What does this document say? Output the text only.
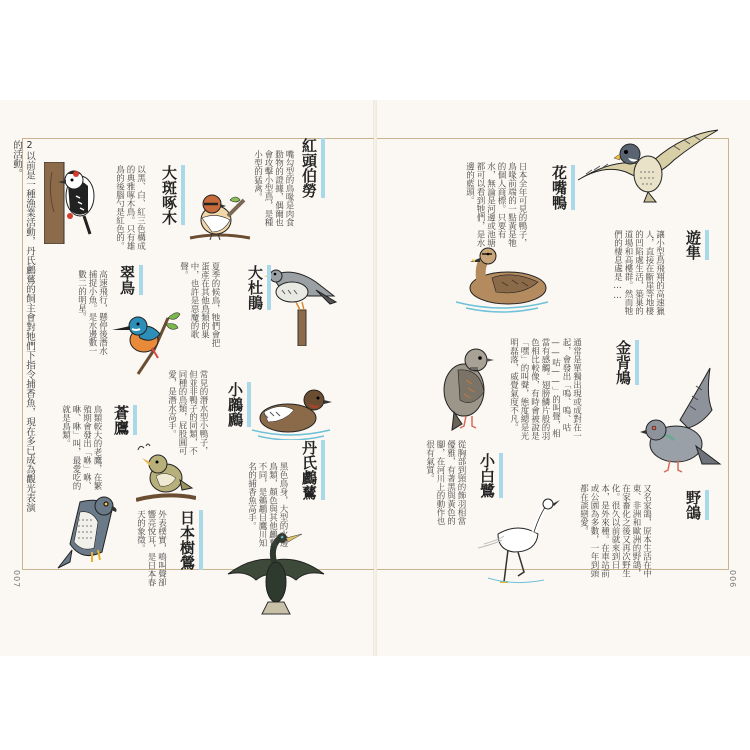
2以前是一種漁業活動，丹氏鸕鶿的飼主會對牠們下指令捕香魚，現在多已成為觀光表演的活動。
007	006
大斑啄木
以黑、白、紅三色構成的典雅啄木鳥。只有雄鳥的後腦勺是紅色的。	紅頭伯勞
嘴勾型的鳥喙是肉食動物的證據，偶爾也會攻擊小型鳥，是種小型的猛禽。
大杜鵑
夏季的候鳥，牠們會把蛋產在其他鳥類的巢中，也許是惡魔的歌聲。
翠鳥
高速飛行，懸停後潛水捕捉小魚。是水邊數一數二的明星。
小鸊鷉
常見的潛水型小鴨子，但並非鴨子的同類，不同種的鳥類，屁股圓可愛，是潛水高手。
蒼鷹
鳥類較大的老鷹，在繁殖期會發出「咻」咻、咻、咻」叫，最愛吃的就是鳥類。
日本樹鶯
外表樸實，鳴叫聲卻響亮悅耳，是日本春天的象徵。
丹氏鸕鶿
黑色鳥身，大型的水邊鳥類，顏色與其他鸕鶿不同，是鵜鶘目鷹川知名的捕香魚高手。
遊隼
讓小型鳥飛翔的高速獵人，直接在斷崖等地棲的凹陷處生活，築巢的道場和高樓群。然而牠們的棲息處是……
花嘴鴨
日本全年可見的鴨子，鳥喙前端的一點黃是牠的個人商標。只要有水，無論是河邊或池塘都可以看到牠們，是水邊的藍頭。
金背鳩
通常是單獨出現或成對在一起，會發出「嗚、嗚、咕——咕——」的叫聲，相當有感觸。翅膀鱗片般的羽色相比較像，有時會被說是「嘿」的叫聲，態度總是光明磊落，威覺氣度不凡。
小白鷺
從胸部到頸的飾羽相當優雅，有著黑與黃色的腳，在河川上的動作也很有氣質。
野鴿
又名家鴿，原本生活在中東、非洲和歐洲的野鴿，在家畜化之後又再次野生化。很久以前就來到日本，是外來種。在車站前或公園為多數，一年到頭都在談戀愛。
